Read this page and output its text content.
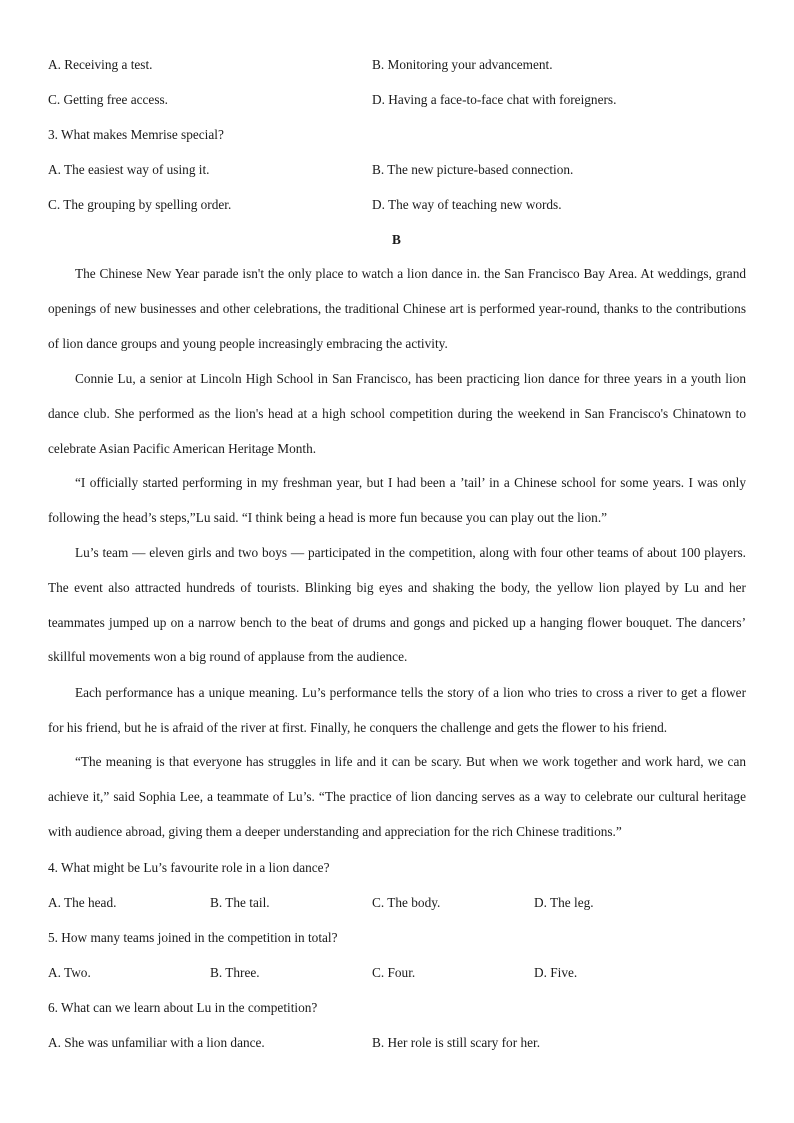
A. Receiving a test.	B. Monitoring your advancement.
C. Getting free access.	D. Having a face-to-face chat with foreigners.
3. What makes Memrise special?
A. The easiest way of using it.	B. The new picture-based connection.
C. The grouping by spelling order.	D. The way of teaching new words.
B
The Chinese New Year parade isn't the only place to watch a lion dance in. the San Francisco Bay Area. At weddings, grand openings of new businesses and other celebrations, the traditional Chinese art is performed year-round, thanks to the contributions of lion dance groups and young people increasingly embracing the activity.
Connie Lu, a senior at Lincoln High School in San Francisco, has been practicing lion dance for three years in a youth lion dance club. She performed as the lion's head at a high school competition during the weekend in San Francisco's Chinatown to celebrate Asian Pacific American Heritage Month.
“I officially started performing in my freshman year, but I had been a ’tail’ in a Chinese school for some years. I was only following the head’s steps,”Lu said. “I think being a head is more fun because you can play out the lion.”
Lu’s team — eleven girls and two boys — participated in the competition, along with four other teams of about 100 players. The event also attracted hundreds of tourists. Blinking big eyes and shaking the body, the yellow lion played by Lu and her teammates jumped up on a narrow bench to the beat of drums and gongs and picked up a hanging flower bouquet. The dancers’ skillful movements won a big round of applause from the audience.
Each performance has a unique meaning. Lu’s performance tells the story of a lion who tries to cross a river to get a flower for his friend, but he is afraid of the river at first. Finally, he conquers the challenge and gets the flower to his friend.
“The meaning is that everyone has struggles in life and it can be scary. But when we work together and work hard, we can achieve it,” said Sophia Lee, a teammate of Lu’s. “The practice of lion dancing serves as a way to celebrate our cultural heritage with audience abroad, giving them a deeper understanding and appreciation for the rich Chinese traditions.”
4. What might be Lu’s favourite role in a lion dance?
A. The head.	B. The tail.	C. The body.	D. The leg.
5. How many teams joined in the competition in total?
A. Two.	B. Three.	C. Four.	D. Five.
6. What can we learn about Lu in the competition?
A. She was unfamiliar with a lion dance.	B. Her role is still scary for her.
